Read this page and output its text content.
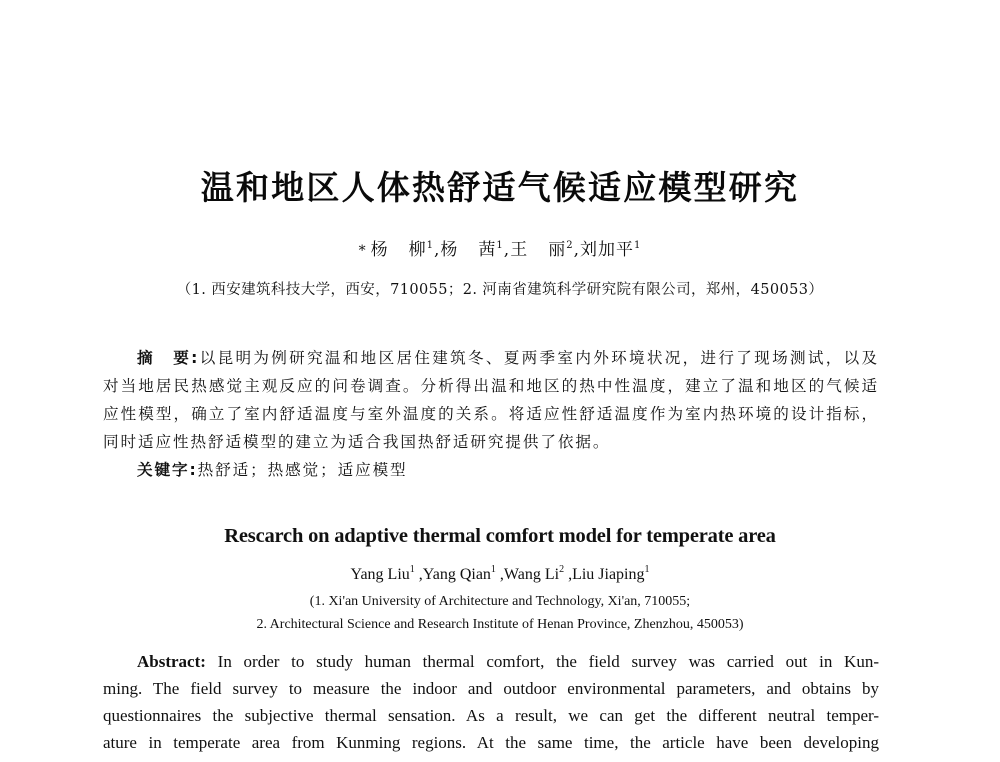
温和地区人体热舒适气候适应模型研究
* 杨 柳$^1$,杨 茜$^1$,王 丽$^2$,刘加平$^1$
（1. 西安建筑科技大学，西安，710055；2. 河南省建筑科学研究院有限公司，郑州，450053）

摘 要:以昆明为例研究温和地区居住建筑冬、夏两季室内外环境状况，进行了现场测试，以及对当地居民热感觉主观反应的问卷调查。分析得出温和地区的热中性温度，建立了温和地区的气候适应性模型，确立了室内舒适温度与室外温度的关系。将适应性舒适温度作为室内热环境的设计指标，同时适应性热舒适模型的建立为适合我国热舒适研究提供了依据。

关键字:热舒适；热感觉；适应模型

Rescarch on adaptive thermal comfort model for temperate area
Yang Liu$^1$ ,Yang Qian$^1$ ,Wang Li$^2$ ,Liu Jiaping$^1$
(1. Xi'an University of Architecture and Technology, Xi'an, 710055;
2. Architectural Science and Research Institute of Henan Province, Zhenzhou, 450053)
Abstract: In order to study human thermal comfort, the field survey was carried out in Kun-
ming. The field survey to measure the indoor and outdoor environmental parameters, and obtains by
questionnaires the subjective thermal sensation. As a result, we can get the different neutral temper-
ature in temperate area from Kunming regions. At the same time, the article have been developing
